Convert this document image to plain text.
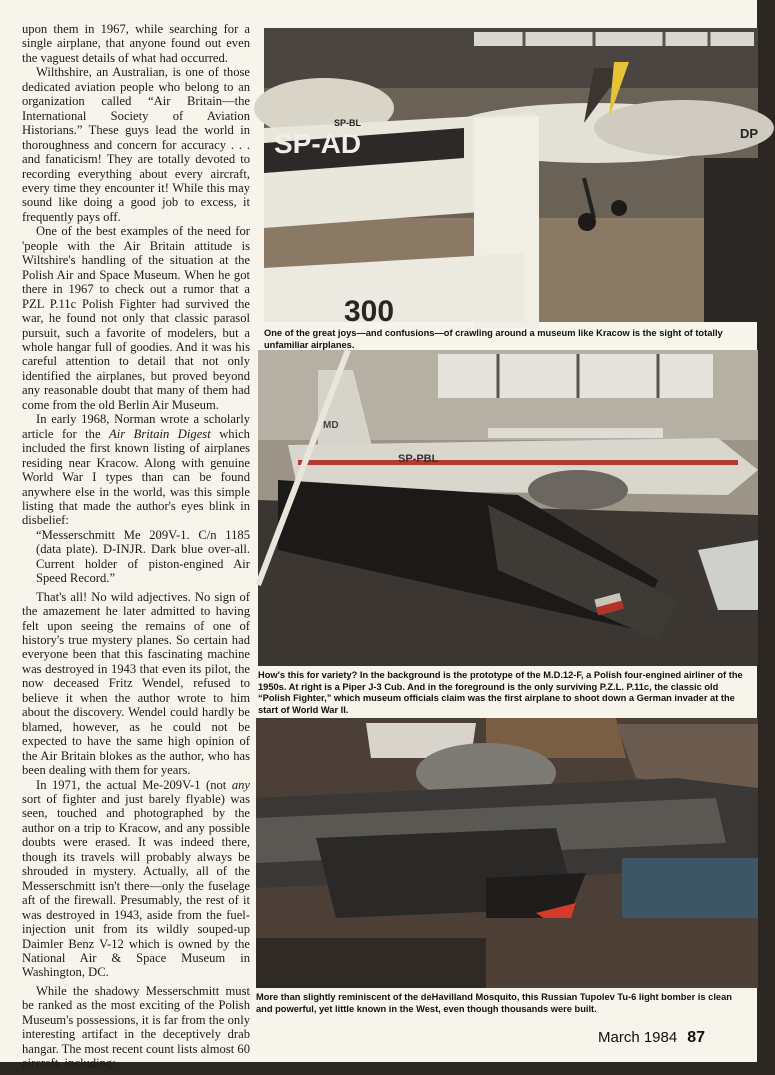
upon them in 1967, while searching for a single airplane, that anyone found out even the vaguest details of what had occurred.

Wilthshire, an Australian, is one of those dedicated aviation people who belong to an organization called “Air Britain—the International Society of Aviation Historians.” These guys lead the world in thoroughness and concern for accuracy . . . and fanaticism! They are totally devoted to recording everything about every aircraft, every time they encounter it! While this may sound like doing a good job to excess, it frequently pays off.

One of the best examples of the need for 'people with the Air Britain attitude is Wiltshire's handling of the situation at the Polish Air and Space Museum. When he got there in 1967 to check out a rumor that a PZL P.11c Polish Fighter had survived the war, he found not only that classic parasol pursuit, such a favorite of modelers, but a whole hangar full of goodies. And it was his careful attention to detail that not only identified the airplanes, but proved beyond any reasonable doubt that many of them had come from the old Berlin Air Museum.

In early 1968, Norman wrote a scholarly article for the Air Britain Digest which included the first known listing of airplanes residing near Kracow. Along with genuine World War I types than can be found anywhere else in the world, was this simple listing that made the author's eyes blink in disbelief:

“Messerschmitt Me 209V-1. C/n 1185 (data plate). D-INJR. Dark blue over-all. Current holder of piston-engined Air Speed Record.”

That's all! No wild adjectives. No sign of the amazement he later admitted to having felt upon seeing the remains of one of history's true mystery planes. So certain had everyone been that this fascinating machine was destroyed in 1943 that even its pilot, the now deceased Fritz Wendel, refused to believe it when the author wrote to him about the discovery. Wendel could hardly be blamed, however, as he could not be expected to have the same high opinion of the Air Britain blokes as the author, who has been dealing with them for years.

In 1971, the actual Me-209V-1 (not any sort of fighter and just barely flyable) was seen, touched and photographed by the author on a trip to Kracow, and any possible doubts were erased. It was indeed there, though its travels will probably always be shrouded in mystery. Actually, all of the Messerschmitt isn't there—only the fuselage aft of the firewall. Presumably, the rest of it was destroyed in 1943, aside from the fuel-injection unit from its wildly souped-up Daimler Benz V-12 which is owned by the National Air & Space Museum in Washington, DC.

While the shadowy Messerschmitt must be ranked as the most exciting of the Polish Museum's possessions, it is far from the only interesting artifact in the deceptively drab hangar. The most recent count lists almost 60 aircraft, including:

SP-AD
300
SP-BL
DP

One of the great joys—and confusions—of crawling around a museum like Kracow is the sight of totally unfamiliar airplanes.

MD
SP-PBL

How's this for variety? In the background is the prototype of the M.D.12-F, a Polish four-engined airliner of the 1950s. At right is a Piper J-3 Cub. And in the foreground is the only surviving P.Z.L. P.11c, the classic old “Polish Fighter,” which museum officials claim was the first airplane to shoot down a German invader at the start of World War II.

More than slightly reminiscent of the deHavilland Mosquito, this Russian Tupolev Tu-6 light bomber is clean and powerful, yet little known in the West, even though thousands were built.

March 1984 87
